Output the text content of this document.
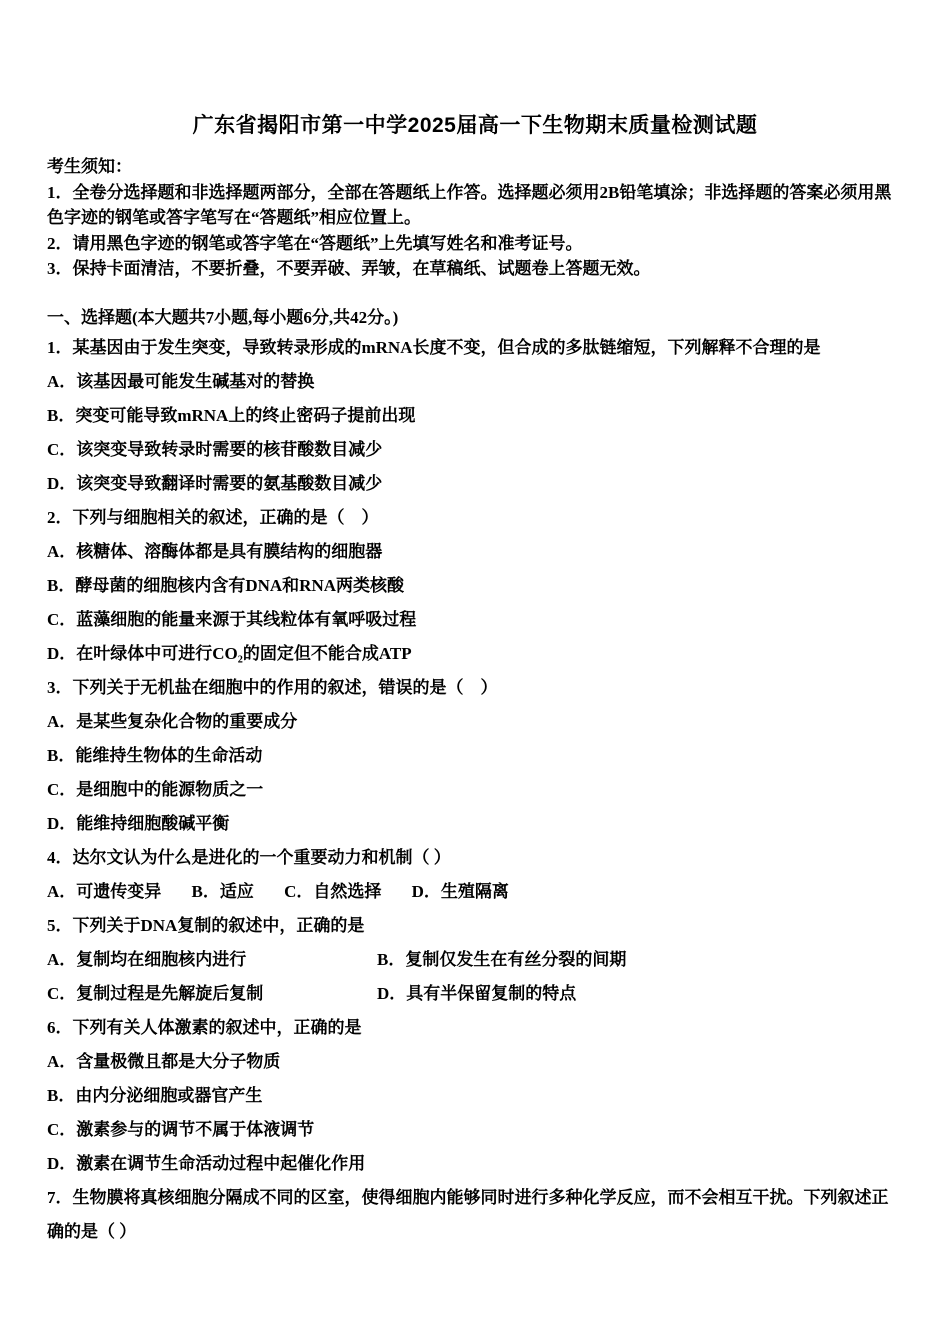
广东省揭阳市第一中学2025届高一下生物期末质量检测试题
考生须知：
1．全卷分选择题和非选择题两部分，全部在答题纸上作答。选择题必须用2B铅笔填涂；非选择题的答案必须用黑色字迹的钢笔或答字笔写在“答题纸”相应位置上。
2．请用黑色字迹的钢笔或答字笔在“答题纸”上先填写姓名和准考证号。
3．保持卡面清洁，不要折叠，不要弄破、弄皱，在草稿纸、试题卷上答题无效。
一、选择题(本大题共7小题,每小题6分,共42分。)
1．某基因由于发生突变，导致转录形成的mRNA长度不变，但合成的多肽链缩短，下列解释不合理的是
A．该基因最可能发生碱基对的替换
B．突变可能导致mRNA上的终止密码子提前出现
C．该突变导致转录时需要的核苷酸数目减少
D．该突变导致翻译时需要的氨基酸数目减少
2．下列与细胞相关的叙述，正确的是（　）
A．核糖体、溶酶体都是具有膜结构的细胞器
B．酵母菌的细胞核内含有DNA和RNA两类核酸
C．蓝藻细胞的能量来源于其线粒体有氧呼吸过程
D．在叶绿体中可进行CO₂的固定但不能合成ATP
3．下列关于无机盐在细胞中的作用的叙述，错误的是（　）
A．是某些复杂化合物的重要成分
B．能维持生物体的生命活动
C．是细胞中的能源物质之一
D．能维持细胞酸碱平衡
4．达尔文认为什么是进化的一个重要动力和机制（ ）
A．可遗传变异 B．适应 C．自然选择 D．生殖隔离
5．下列关于DNA复制的叙述中，正确的是
A．复制均在细胞核内进行	B．复制仅发生在有丝分裂的间期
C．复制过程是先解旋后复制	D．具有半保留复制的特点
6．下列有关人体激素的叙述中，正确的是
A．含量极微且都是大分子物质
B．由内分泌细胞或器官产生
C．激素参与的调节不属于体液调节
D．激素在调节生命活动过程中起催化作用
7．生物膜将真核细胞分隔成不同的区室，使得细胞内能够同时进行多种化学反应，而不会相互干扰。下列叙述正确的是（ ）
